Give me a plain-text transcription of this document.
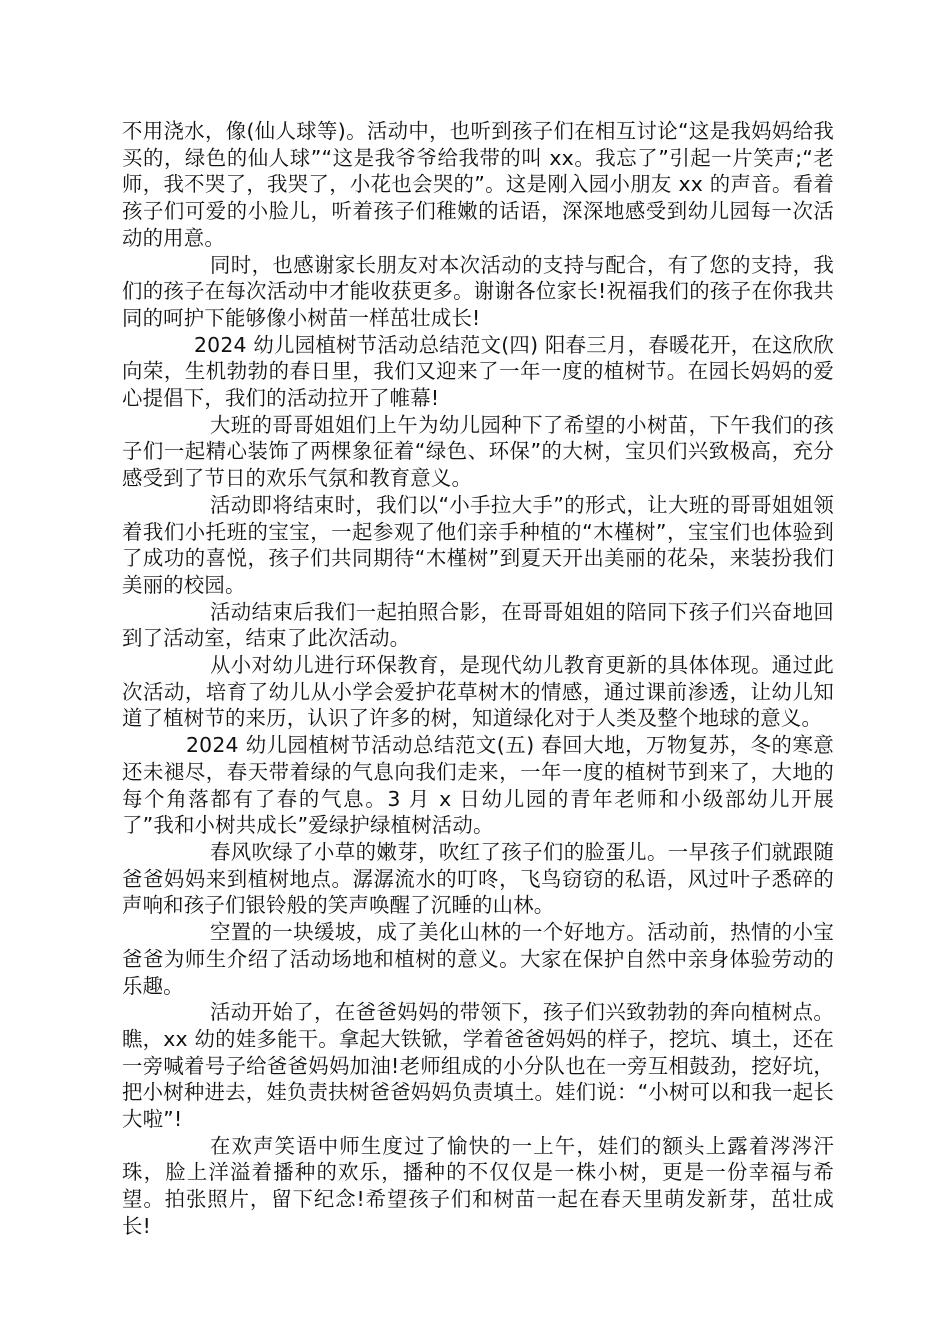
不用浇水，像(仙人球等)。活动中，也听到孩子们在相互讨论“这是我妈妈给我买的，绿色的仙人球”“这是我爷爷给我带的叫 xx。我忘了”引起一片笑声;“老师，我不哭了，我哭了，小花也会哭的”。这是刚入园小朋友 xx 的声音。看着孩子们可爱的小脸儿，听着孩子们稚嫩的话语，深深地感受到幼儿园每一次活动的用意。

同时，也感谢家长朋友对本次活动的支持与配合，有了您的支持，我们的孩子在每次活动中才能收获更多。谢谢各位家长!祝福我们的孩子在你我共同的呵护下能够像小树苗一样茁壮成长!

2024 幼儿园植树节活动总结范文(四) 阳春三月，春暖花开，在这欣欣向荣，生机勃勃的春日里，我们又迎来了一年一度的植树节。在园长妈妈的爱心提倡下，我们的活动拉开了帷幕!

大班的哥哥姐姐们上午为幼儿园种下了希望的小树苗，下午我们的孩子们一起精心装饰了两棵象征着“绿色、环保”的大树，宝贝们兴致极高，充分感受到了节日的欢乐气氛和教育意义。

活动即将结束时，我们以“小手拉大手”的形式，让大班的哥哥姐姐领着我们小托班的宝宝，一起参观了他们亲手种植的“木槿树”，宝宝们也体验到了成功的喜悦，孩子们共同期待“木槿树”到夏天开出美丽的花朵，来装扮我们美丽的校园。

活动结束后我们一起拍照合影，在哥哥姐姐的陪同下孩子们兴奋地回到了活动室，结束了此次活动。

从小对幼儿进行环保教育，是现代幼儿教育更新的具体体现。通过此次活动，培育了幼儿从小学会爱护花草树木的情感，通过课前渗透，让幼儿知道了植树节的来历，认识了许多的树，知道绿化对于人类及整个地球的意义。

2024 幼儿园植树节活动总结范文(五) 春回大地，万物复苏，冬的寒意还未褪尽，春天带着绿的气息向我们走来，一年一度的植树节到来了，大地的每个角落都有了春的气息。3 月 x 日幼儿园的青年老师和小级部幼儿开展了”我和小树共成长”爱绿护绿植树活动。

春风吹绿了小草的嫩芽，吹红了孩子们的脸蛋儿。一早孩子们就跟随爸爸妈妈来到植树地点。潺潺流水的叮咚，飞鸟窃窃的私语，风过叶子悉碎的声响和孩子们银铃般的笑声唤醒了沉睡的山林。

空置的一块缓坡，成了美化山林的一个好地方。活动前，热情的小宝爸爸为师生介绍了活动场地和植树的意义。大家在保护自然中亲身体验劳动的乐趣。

活动开始了，在爸爸妈妈的带领下，孩子们兴致勃勃的奔向植树点。瞧，xx 幼的娃多能干。拿起大铁锨，学着爸爸妈妈的样子，挖坑、填土，还在一旁喊着号子给爸爸妈妈加油!老师组成的小分队也在一旁互相鼓劲，挖好坑，把小树种进去，娃负责扶树爸爸妈妈负责填土。娃们说：“小树可以和我一起长大啦”!

在欢声笑语中师生度过了愉快的一上午，娃们的额头上露着涔涔汗珠，脸上洋溢着播种的欢乐，播种的不仅仅是一株小树，更是一份幸福与希望。拍张照片，留下纪念!希望孩子们和树苗一起在春天里萌发新芽，茁壮成长!
